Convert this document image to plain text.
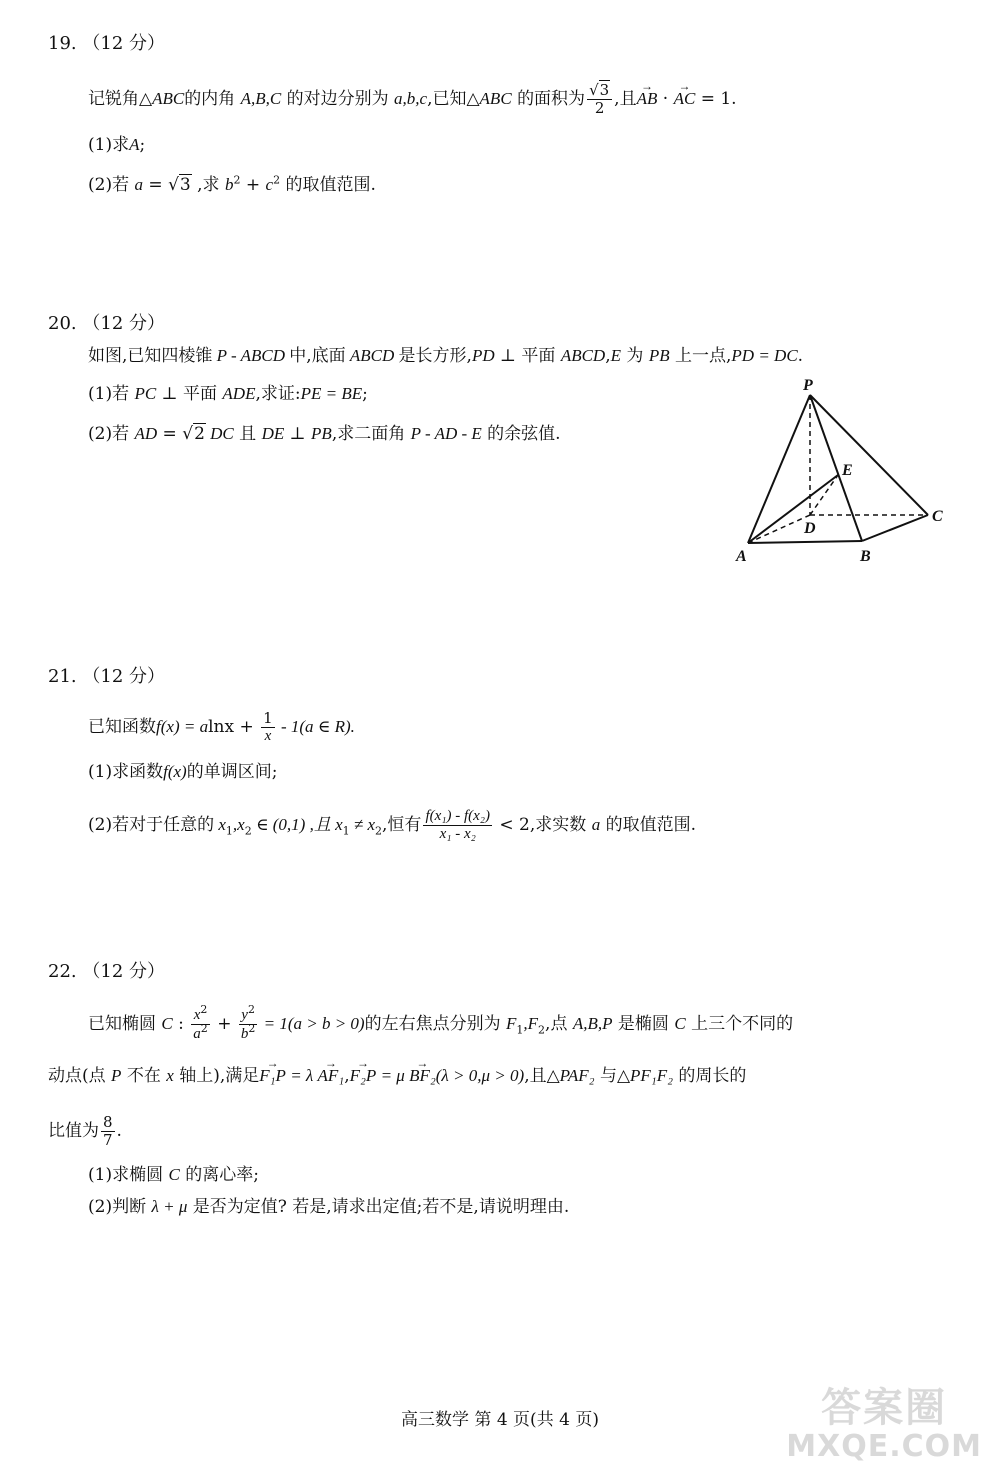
19. （12 分）
记锐角△ABC的内角 A,B,C 的对边分别为 a,b,c,已知△ABC 的面积为 $\frac{√3}{2}$ ,且→ AB · → AC = 1.
(1)求A;
(2)若 a = √3 ,求 $b^2 + c^2$ 的取值范围.
20. （12 分）
如图,已知四棱锥 P - ABCD 中,底面 ABCD 是长方形,PD ⊥ 平面 ABCD,E 为 PB 上一点,PD = DC.
(1)若 PC ⊥ 平面 ADE,求证:PE = BE;
(2)若 AD = √2 DC 且 DE ⊥ PB,求二面角 P - AD - E 的余弦值.
P
E
D
C
A	B
21. （12 分）
已知函数$f(x) = alnx + \frac{1}{x} - 1(a$ ∈ R).
(1)求函数f(x)的单调区间;
(2)若对于任意的 $x_1,x_2$ ∈ (0,1) ,且 $x_1 \ne x_2$,恒有 $\frac{\text{f(x₁) - f(x₂)}}{\text{x₁ - x₂}} < 2$,求实数 a 的取值范围.
22. （12 分）
已知椭圆 C : $\frac{x^2}{a^2} + \frac{y^2}{b^2} = 1(a > b > 0)$的左右焦点分别为 $F_1,F_2$,点 A,B,P 是椭圆 C 上三个不同的
动点(点 P 不在 x 轴上),满足→ F₁P = λ → AF₁,→ F₂P = μ → BF₂(λ > 0,μ > 0),且△PAF₂ 与△PF₁F₂ 的周长的
比值为 $\frac{8}{7}$ .
(1)求椭圆 C 的离心率;
(2)判断 λ + μ 是否为定值? 若是,请求出定值;若不是,请说明理由.
高三数学 第 4 页(共 4 页)	答案圈
MXQE.COM
